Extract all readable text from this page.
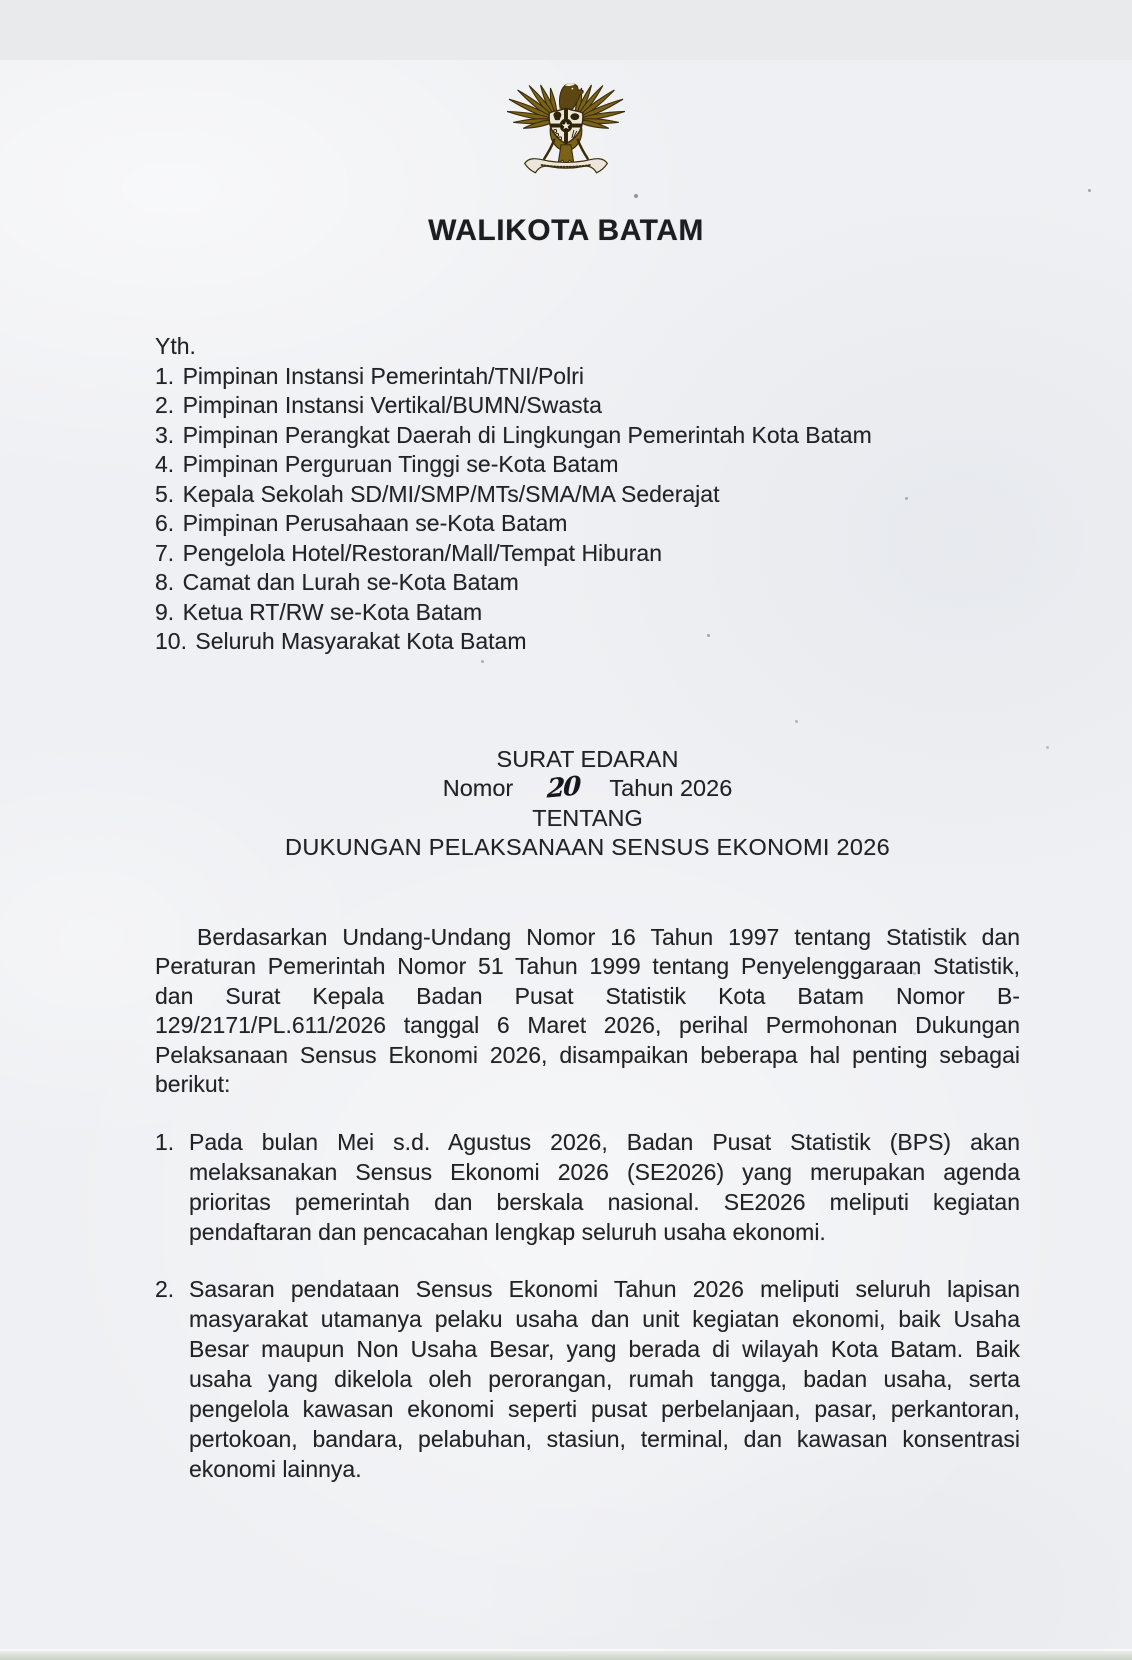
WALIKOTA BATAM
Yth.
1. Pimpinan Instansi Pemerintah/TNI/Polri
2. Pimpinan Instansi Vertikal/BUMN/Swasta
3. Pimpinan Perangkat Daerah di Lingkungan Pemerintah Kota Batam
4. Pimpinan Perguruan Tinggi se-Kota Batam
5. Kepala Sekolah SD/MI/SMP/MTs/SMA/MA Sederajat
6. Pimpinan Perusahaan se-Kota Batam
7. Pengelola Hotel/Restoran/Mall/Tempat Hiburan
8. Camat dan Lurah se-Kota Batam
9. Ketua RT/RW se-Kota Batam
10. Seluruh Masyarakat Kota Batam
SURAT EDARAN
Nomor 20 Tahun 2026
TENTANG
DUKUNGAN PELAKSANAAN SENSUS EKONOMI 2026
Berdasarkan Undang-Undang Nomor 16 Tahun 1997 tentang Statistik dan Peraturan Pemerintah Nomor 51 Tahun 1999 tentang Penyelenggaraan Statistik, dan Surat Kepala Badan Pusat Statistik Kota Batam Nomor B-129/2171/PL.611/2026 tanggal 6 Maret 2026, perihal Permohonan Dukungan Pelaksanaan Sensus Ekonomi 2026, disampaikan beberapa hal penting sebagai berikut:
1. Pada bulan Mei s.d. Agustus 2026, Badan Pusat Statistik (BPS) akan melaksanakan Sensus Ekonomi 2026 (SE2026) yang merupakan agenda prioritas pemerintah dan berskala nasional. SE2026 meliputi kegiatan pendaftaran dan pencacahan lengkap seluruh usaha ekonomi.
2. Sasaran pendataan Sensus Ekonomi Tahun 2026 meliputi seluruh lapisan masyarakat utamanya pelaku usaha dan unit kegiatan ekonomi, baik Usaha Besar maupun Non Usaha Besar, yang berada di wilayah Kota Batam. Baik usaha yang dikelola oleh perorangan, rumah tangga, badan usaha, serta pengelola kawasan ekonomi seperti pusat perbelanjaan, pasar, perkantoran, pertokoan, bandara, pelabuhan, stasiun, terminal, dan kawasan konsentrasi ekonomi lainnya.
